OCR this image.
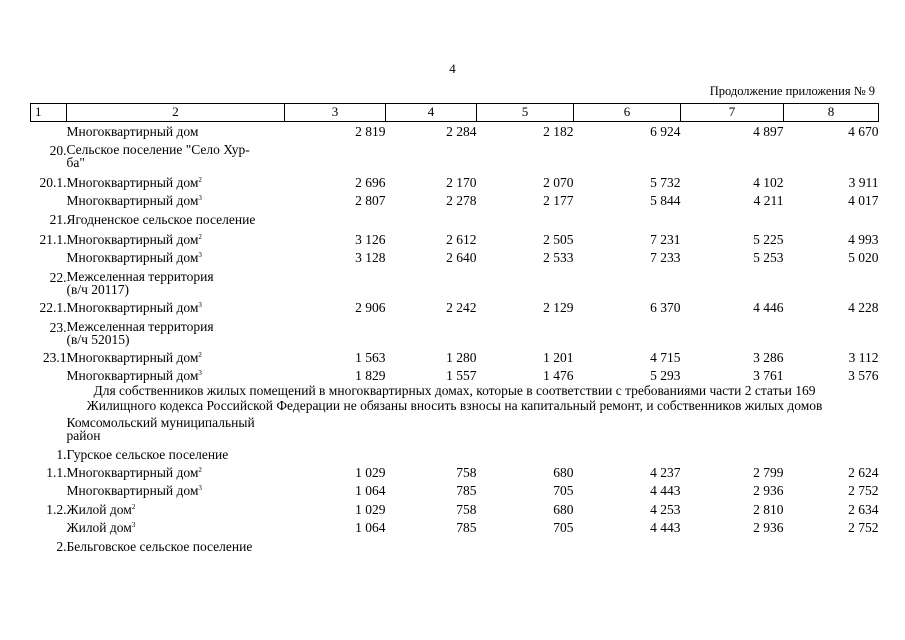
4
Продолжение приложения № 9
1	2	3	4	5	6	7	8
	Многоквартирный дом	2 819	2 284	2 182	6 924	4 897	4 670
20.	Сельское поселение "Село Хур-
ба"						
20.1.	Многоквартирный дом$^2$	2 696	2 170	2 070	5 732	4 102	3 911
	Многоквартирный дом$^3$	2 807	2 278	2 177	5 844	4 211	4 017
21.	Ягодненское сельское поселение						
21.1.	Многоквартирный дом$^2$	3 126	2 612	2 505	7 231	5 225	4 993
	Многоквартирный дом$^3$	3 128	2 640	2 533	7 233	5 253	5 020
22.	Межселенная территория
(в/ч 20117)						
22.1.	Многоквартирный дом$^3$	2 906	2 242	2 129	6 370	4 446	4 228
23.	Межселенная территория
(в/ч 52015)						
23.1	Многоквартирный дом$^2$	1 563	1 280	1 201	4 715	3 286	3 112
	Многоквартирный дом$^3$	1 829	1 557	1 476	5 293	3 761	3 576

Для собственников жилых помещений в многоквартирных домах, которые в соответствии с требованиями части 2 статьи 169
Жилищного кодекса Российской Федерации не обязаны вносить взносы на капитальный ремонт, и собственников жилых домов							

	Комсомольский муниципальный
район						
1.	Гурское сельское поселение						
1.1.	Многоквартирный дом$^2$	1 029	758	680	4 237	2 799	2 624
	Многоквартирный дом$^3$	1 064	785	705	4 443	2 936	2 752
1.2.	Жилой дом$^2$	1 029	758	680	4 253	2 810	2 634
	Жилой дом$^3$	1 064	785	705	4 443	2 936	2 752
2.	Бельговское сельское поселение						
